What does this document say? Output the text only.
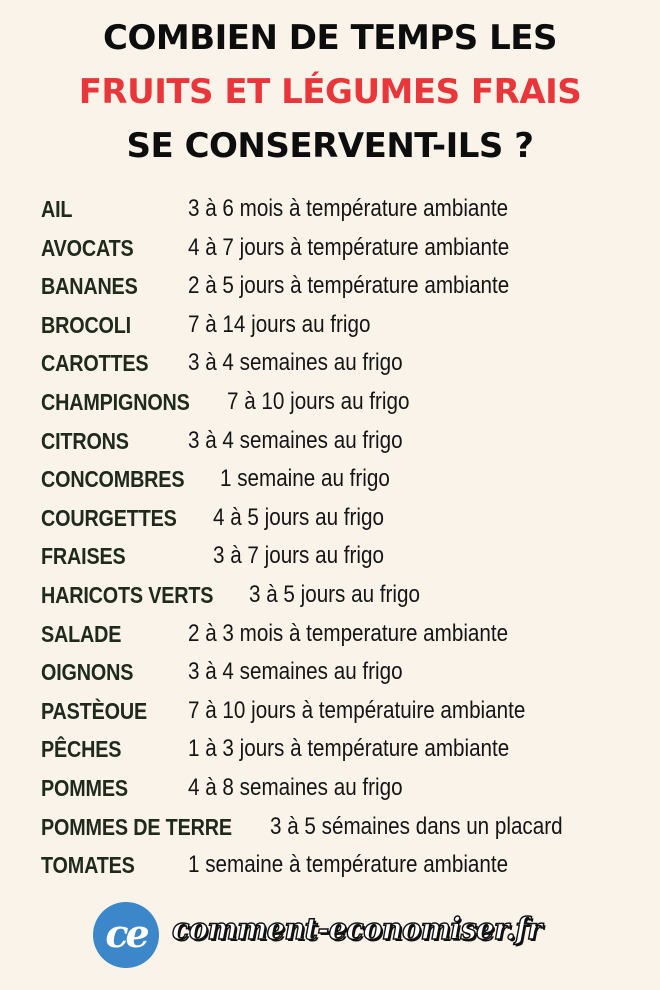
COMBIEN DE TEMPS LES
FRUITS ET LÉGUMES FRAIS
SE CONSERVENT-ILS ?
AIL	3 à 6 mois à température ambiante
AVOCATS 4 à 7 jours à température ambiante
BANANES 2 à 5 jours à température ambiante
BROCOLI 7 à 14 jours au frigo
CAROTTES 3 à 4 semaines au frigo
CHAMPIGNONS 7 à 10 jours au frigo
CITRONS 3 à 4 semaines au frigo
CONCOMBRES 1 semaine au frigo
COURGETTES 4 à 5 jours au frigo
FRAISES	3 à 7 jours au frigo
HARICOTS VERTS 3 à 5 jours au frigo
SALADE	2 à 3 mois à temperature ambiante
OIGNONS 3 à 4 semaines au frigo
PASTÈOUE 7 à 10 jours à températuire ambiante
PÊCHES	1 à 3 jours à température ambiante
POMMES	4 à 8 semaines au frigo
POMMES DE TERRE 3 à 5 sémaines dans un placard
TOMATES 1 semaine à température ambiante
ce comment-economiser.fr
